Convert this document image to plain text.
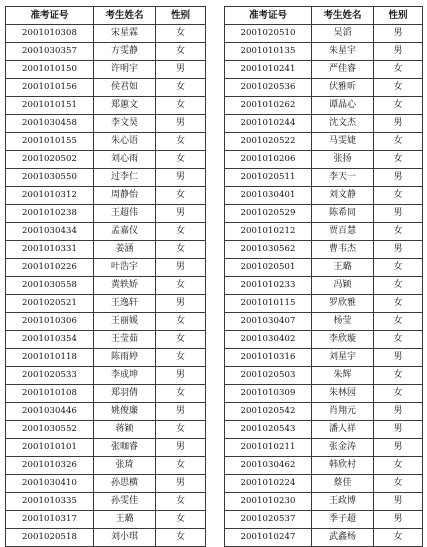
准考证号	考生姓名	性别
2001010308	宋星霖	女
2001030357	方雯静	女
2001010150	许明宇	男
2001010156	侯君如	女
2001010151	郑蕙文	女
2001030458	李文昊	男
2001010155	朱心语	女
2001020502	刘心雨	女
2001030550	过李仁	男
2001010312	周静怡	女
2001010238	王超伟	男
2001030434	孟嘉仪	女
2001010331	姜涵	女
2001010226	叶浩宇	男
2001030558	黄轶娇	女
2001020521	王逸轩	男
2001010306	王丽媛	女
2001010354	王莹茹	女
2001010118	陈雨婷	女
2001020533	李成坤	男
2001010108	郑羽倩	女
2001030446	姚俊廉	男
2001030552	蒋颖	女
2001010101	张咖睿	男
2001010326	张琦	女
2001030410	孙思横	男
2001010335	孙雯佳	女
2001010317	王璐	女
2001020518	刘小琪	女
准考证号	考生姓名	性别
2001020510	吴滔	男
2001010135	朱星宇	男
2001010241	严佳睿	女
2001020536	伏雅昕	女
2001010262	谭晶心	女
2001010244	沈文杰	男
2001020522	马雯婕	女
2001010206	张扬	女
2001020511	李天一	男
2001030401	刘文静	女
2001020529	陈希同	男
2001010212	贾百慧	女
2001030562	曹韦杰	男
2001020501	王璐	女
2001010233	冯颖	女
2001010115	罗欣雅	女
2001030407	杨莹	女
2001030402	李欣璇	女
2001010316	刘星宇	男
2001020503	朱辉	女
2001010309	朱林园	女
2001020542	肖翔元	男
2001020543	潘人祥	男
2001010211	张金涛	男
2001030462	韩欣村	女
2001010224	蔡佳	女
2001010230	王政博	男
2001020537	季子超	男
2001010247	武鑫杨	女
